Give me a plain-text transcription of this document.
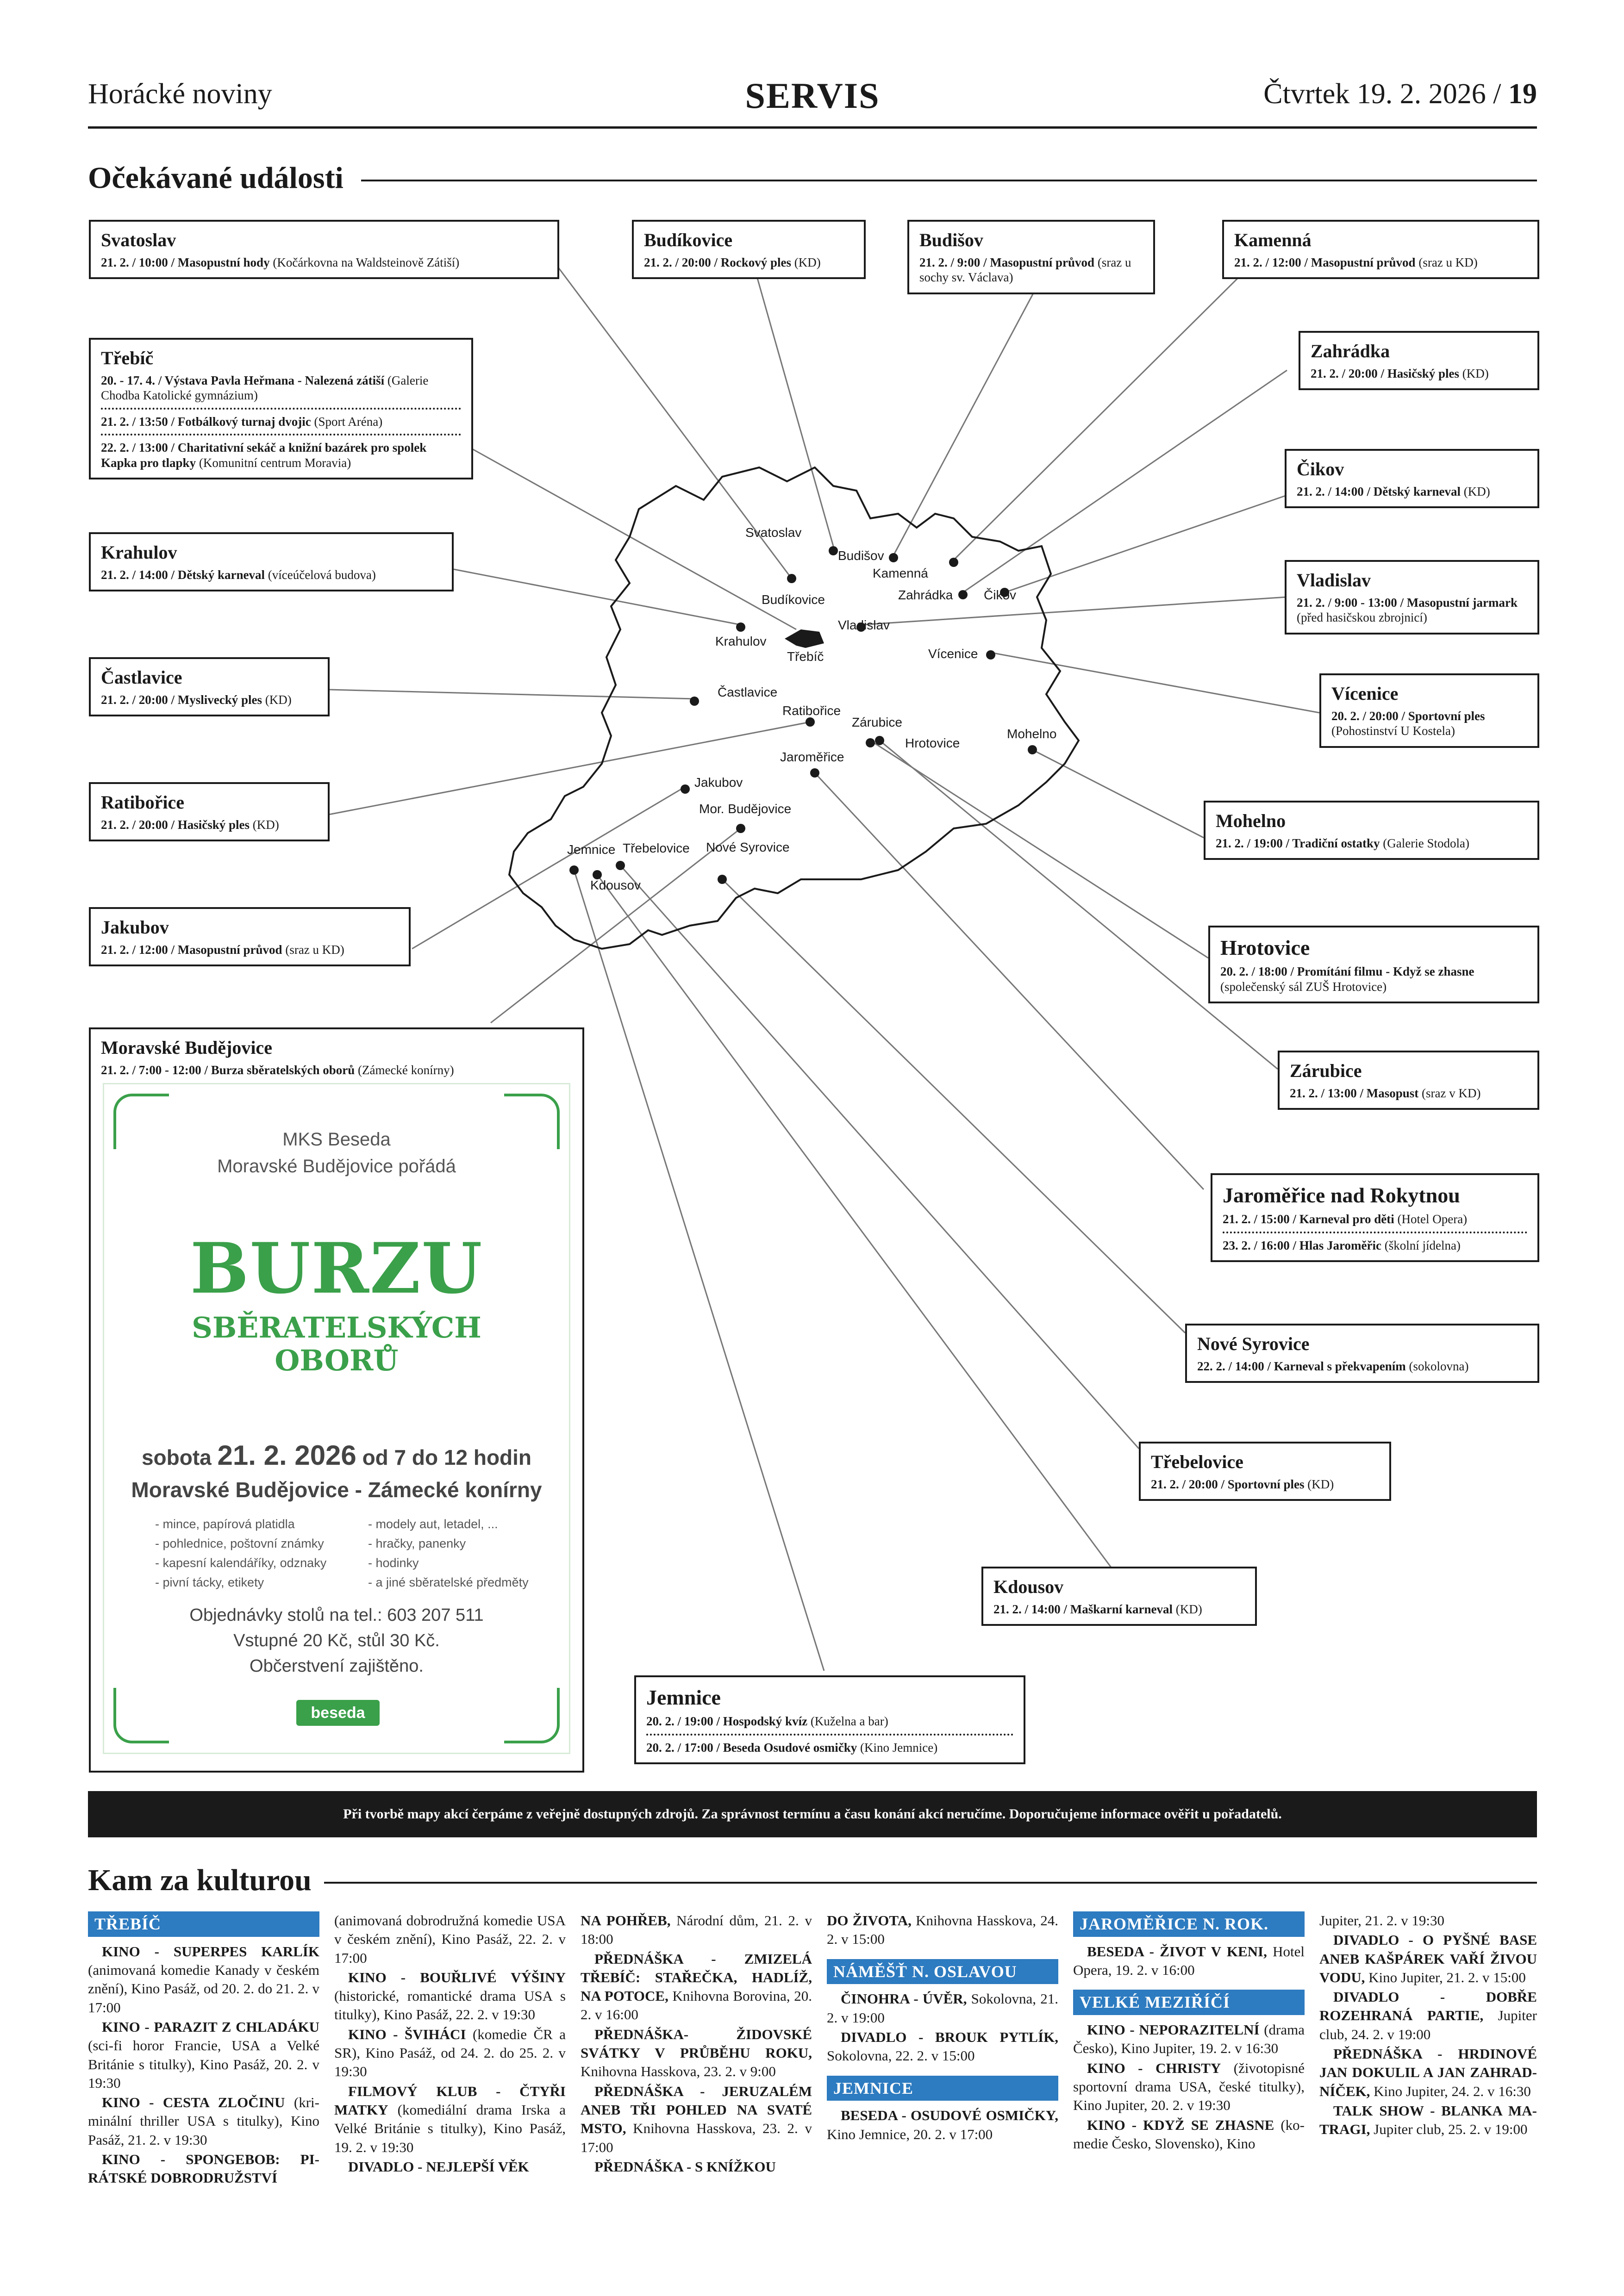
Horácké noviny	SERVIS	Čtvrtek 19. 2. 2026 / 19
Očekávané události
Svatoslav
Budišov
Kamenná
Zahrádka Čikov
Budíkovice
Vladislav
Krahulov
Třebíč	Vícenice
Častlavice
Ratibořice
Zárubice
Hrotovice
Mohelno
Jaroměřice
Jakubov
Mor. Budějovice
Jemnice Třebelovice Nové Syrovice
Kdousov
Svatoslav
21. 2. / 10:00 / Masopustní hody (Kočárkovna na Waldsteinově Zátiší)
Budíkovice
21. 2. / 20:00 / Rockový ples (KD)
Budišov
21. 2. / 9:00 / Masopustní průvod (sraz u sochy sv. Václava)
Kamenná
21. 2. / 12:00 / Masopustní průvod (sraz u KD)
Třebíč
20. - 17. 4. / Výstava Pavla Heřmana - Nalezená zátiší (Galerie Chodba Katolické gymnázium)
21. 2. / 13:50 / Fotbálkový turnaj dvojic (Sport Aréna)
22. 2. / 13:00 / Charitativní sekáč a knižní bazárek pro spolek Kapka pro tlapky (Komunitní centrum Moravia)
Zahrádka
21. 2. / 20:00 / Hasičský ples (KD)
Čikov
21. 2. / 14:00 / Dětský karneval (KD)
Krahulov
21. 2. / 14:00 / Dětský karneval (víceúčelová budova)	Vladislav
21. 2. / 9:00 - 13:00 / Masopustní jarmark (před hasičskou zbrojnicí)
Častlavice
21. 2. / 20:00 / Myslivecký ples (KD)	Vícenice
20. 2. / 20:00 / Sportovní ples (Pohostinství U Kostela)
Ratibořice
21. 2. / 20:00 / Hasičský ples (KD)	Mohelno
21. 2. / 19:00 / Tradiční ostatky (Galerie Stodola)
Jakubov
21. 2. / 12:00 / Masopustní průvod (sraz u KD)	Hrotovice
20. 2. / 18:00 / Promítání filmu - Když se zhasne (společenský sál ZUŠ Hrotovice)
Moravské Budějovice
21. 2. / 7:00 - 12:00 / Burza sběratelských oborů (Zámecké konírny)	Zárubice
21. 2. / 13:00 / Masopust (sraz v KD)
Jaroměřice nad Rokytnou
21. 2. / 15:00 / Karneval pro děti (Hotel Opera)
23. 2. / 16:00 / Hlas Jaroměřic (školní jídelna)
Nové Syrovice
22. 2. / 14:00 / Karneval s překvapením (sokolovna)
Třebelovice
21. 2. / 20:00 / Sportovní ples (KD)
Kdousov
21. 2. / 14:00 / Maškarní karneval (KD)
Jemnice
20. 2. / 19:00 / Hospodský kvíz (Kuželna a bar)
20. 2. / 17:00 / Beseda Osudové osmičky (Kino Jemnice)
MKS Beseda
Moravské Budějovice pořádá
BURZU
SBĚRATELSKÝCH
OBORŮ
sobota 21. 2. 2026 od 7 do 12 hodin
Moravské Budějovice - Zámecké konírny
- mince, papírová platidla
- pohlednice, poštovní známky
- kapesní kalendáříky, odznaky
- pivní tácky, etikety
- modely aut, letadel, ...
- hračky, panenky
- hodinky
- a jiné sběratelské předměty
Objednávky stolů na tel.: 603 207 511
Vstupné 20 Kč, stůl 30 Kč.
Občerstvení zajištěno.
beseda
Při tvorbě mapy akcí čerpáme z veřejně dostupných zdrojů. Za správnost termínu a času konání akcí neručíme. Doporučujeme informace ověřit u pořadatelů.
Kam za kulturou
TŘEBÍČ
KINO - SUPERPES KARLÍK (animovaná komedie Kanady v českém znění), Kino Pasáž, od 20. 2. do 21. 2. v 17:00
KINO - PARAZIT Z CHLADÁKU (sci-fi horor Francie, USA a Velké Británie s titulky), Kino Pasáž, 20. 2. v 19:30
KINO - CESTA ZLOČINU (kriminální thriller USA s titulky), Kino Pasáž, 21. 2. v 19:30
KINO - SPONGEBOB: PIRÁTSKÉ DOBRODRUŽSTVÍ
(animovaná dobrodružná komedie USA v českém znění), Kino Pasáž, 22. 2. v 17:00
KINO - BOUŘLIVÉ VÝŠINY (historické, romantické drama USA s titulky), Kino Pasáž, 22. 2. v 19:30
KINO - ŠVIHÁCI (komedie ČR a SR), Kino Pasáž, od 24. 2. do 25. 2. v 19:30
FILMOVÝ KLUB - ČTYŘI MATKY (komediální drama Irska a Velké Británie s titulky), Kino Pasáž, 19. 2. v 19:30
DIVADLO - NEJLEPŠÍ VĚK
NA POHŘEB, Národní dům, 21. 2. v 18:00
PŘEDNÁŠKA - ZMIZELÁ TŘEBÍČ: STAŘEČKA, HADLÍŽ, NA POTOCE, Knihovna Borovina, 20. 2. v 16:00
PŘEDNÁŠKA- ŽIDOVSKÉ SVÁTKY V PRŮBĚHU ROKU, Knihovna Hasskova, 23. 2. v 9:00
PŘEDNÁŠKA - JERUZALÉM ANEB TŘI POHLED NA SVATÉ MSTO, Knihovna Hasskova, 23. 2. v 17:00
PŘEDNÁŠKA - S KNÍŽKOU
DO ŽIVOTA, Knihovna Hasskova, 24. 2. v 15:00
NÁMĚŠŤ N. OSLAVOU
ČINOHRA - ÚVĚR, Sokolovna, 21. 2. v 19:00
DIVADLO - BROUK PYTLÍK, Sokolovna, 22. 2. v 15:00
JEMNICE
BESEDA - OSUDOVÉ OSMIČKY, Kino Jemnice, 20. 2. v 17:00
JAROMĚŘICE N. ROK.
BESEDA - ŽIVOT V KENI, Hotel Opera, 19. 2. v 16:00
VELKÉ MEZIŘÍČÍ
KINO - NEPORAZITELNÍ (drama Česko), Kino Jupiter, 19. 2. v 16:30
KINO - CHRISTY (životopisné sportovní drama USA, české titulky), Kino Jupiter, 20. 2. v 19:30
KINO - KDYŽ SE ZHASNE (komedie Česko, Slovensko), Kino
Jupiter, 21. 2. v 19:30
DIVADLO - O PYŠNÉ BASE ANEB KAŠPÁREK VAŘÍ ŽIVOU VODU, Kino Jupiter, 21. 2. v 15:00
DIVADLO - DOBŘE ROZEHRANÁ PARTIE, Jupiter club, 24. 2. v 19:00
PŘEDNÁŠKA - HRDINOVÉ JAN DOKULIL A JAN ZAHRADNÍČEK, Kino Jupiter, 24. 2. v 16:30
TALK SHOW - BLANKA MATRAGI, Jupiter club, 25. 2. v 19:00
